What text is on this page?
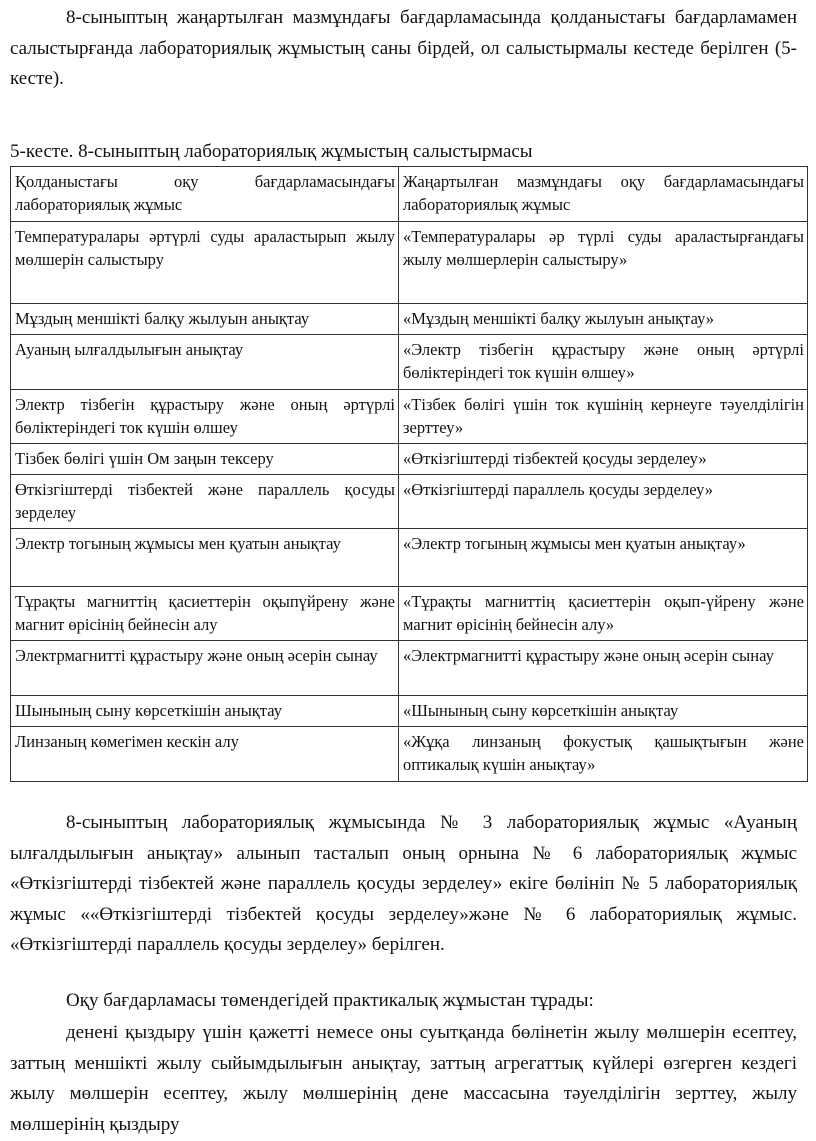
8-сыныптың жаңартылған мазмұндағы бағдарламасында қолданыстағы бағдарламамен салыстырғанда лабораториялық жұмыстың саны бірдей, ол салыстырмалы кестеде берілген (5-кесте).

5-кесте. 8-сыныптың лабораториялық жұмыстың салыстырмасы

Қолданыстағы оқу бағдарламасындағы лабораториялық жұмыс	Жаңартылған мазмұндағы оқу бағдарламасындағы лабораториялық жұмыс
Температуралары әртүрлі суды араластырып жылу мөлшерін салыстыру	«Температуралары әр түрлі суды араластырғандағы жылу мөлшерлерін салыстыру»
Мұздың меншікті балқу жылуын анықтау	«Мұздың меншікті балқу жылуын анықтау»
Ауаның ылғалдылығын анықтау	«Электр тізбегін құрастыру және оның әртүрлі бөліктеріндегі ток күшін өлшеу»
Электр тізбегін құрастыру және оның әртүрлі бөліктеріндегі ток күшін өлшеу	«Тізбек бөлігі үшін ток күшінің кернеуге тәуелділігін зерттеу»
Тізбек бөлігі үшін Ом заңын тексеру	«Өткізгіштерді тізбектей қосуды зерделеу»
Өткізгіштерді тізбектей және параллель қосуды зерделеу	«Өткізгіштерді параллель қосуды зерделеу»
Электр тогының жұмысы мен қуатын анықтау	«Электр тогының жұмысы мен қуатын анықтау»
Тұрақты магниттің қасиеттерін оқыпүйрену және магнит өрісінің бейнесін алу	«Тұрақты магниттің қасиеттерін оқып-үйрену және магнит өрісінің бейнесін алу»
Электрмагнитті құрастыру және оның әсерін сынау	«Электрмагнитті құрастыру және оның әсерін сынау
Шынының сыну көрсеткішін анықтау	«Шынының сыну көрсеткішін анықтау
Линзаның көмегімен кескін алу	«Жұқа линзаның фокустық қашықтығын және оптикалық күшін анықтау»

8-сыныптың лабораториялық жұмысында № 3 лабораториялық жұмыс «Ауаның ылғалдылығын анықтау» алынып тасталып оның орнына № 6 лабораториялық жұмыс «Өткізгіштерді тізбектей және параллель қосуды зерделеу» екіге бөлініп № 5 лабораториялық жұмыс ««Өткізгіштерді тізбектей қосуды зерделеу»және № 6 лабораториялық жұмыс. «Өткізгіштерді параллель қосуды зерделеу» берілген.

Оқу бағдарламасы төмендегідей практикалық жұмыстан тұрады:

денені қыздыру үшін қажетті немесе оны суытқанда бөлінетін жылу мөлшерін есептеу, заттың меншікті жылу сыйымдылығын анықтау, заттың агрегаттық күйлері өзгерген кездегі жылу мөлшерін есептеу, жылу мөлшерінің дене массасына тәуелділігін зерттеу, жылу мөлшерінің қыздыру
